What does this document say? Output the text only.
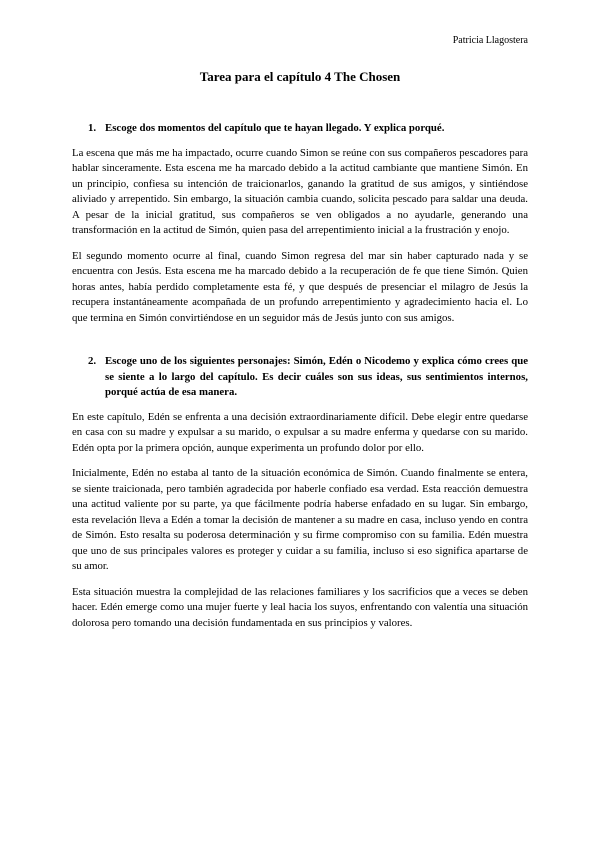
Patricia Llagostera
Tarea para el capítulo 4 The Chosen
1. Escoge dos momentos del capítulo que te hayan llegado. Y explica porqué.

La escena que más me ha impactado, ocurre cuando Simon se reúne con sus compañeros pescadores para hablar sinceramente. Esta escena me ha marcado debido a la actitud cambiante que mantiene Simón. En un principio, confiesa su intención de traicionarlos, ganando la gratitud de sus amigos, y sintiéndose aliviado y arrepentido. Sin embargo, la situación cambia cuando, solicita pescado para saldar una deuda. A pesar de la inicial gratitud, sus compañeros se ven obligados a no ayudarle, generando una transformación en la actitud de Simón, quien pasa del arrepentimiento inicial a la frustración y enojo.

El segundo momento ocurre al final, cuando Simon regresa del mar sin haber capturado nada y se encuentra con Jesús. Esta escena me ha marcado debido a la recuperación de fe que tiene Simón. Quien horas antes, había perdido completamente esta fé, y que después de presenciar el milagro de Jesús la recupera instantáneamente acompañada de un profundo arrepentimiento y agradecimiento hacia el. Lo que termina en Simón convirtiéndose en un seguidor más de Jesús junto con sus amigos.

2. Escoge uno de los siguientes personajes: Simón, Edén o Nicodemo y explica cómo crees que se siente a lo largo del capítulo. Es decir cuáles son sus ideas, sus sentimientos internos, porqué actúa de esa manera.

En este capítulo, Edén se enfrenta a una decisión extraordinariamente difícil. Debe elegir entre quedarse en casa con su madre y expulsar a su marido, o expulsar a su madre enferma y quedarse con su marido. Edén opta por la primera opción, aunque experimenta un profundo dolor por ello.

Inicialmente, Edén no estaba al tanto de la situación económica de Simón. Cuando finalmente se entera, se siente traicionada, pero también agradecida por haberle confiado esa verdad. Esta reacción demuestra una actitud valiente por su parte, ya que fácilmente podría haberse enfadado en su lugar. Sin embargo, esta revelación lleva a Edén a tomar la decisión de mantener a su madre en casa, incluso yendo en contra de Simón. Esto resalta su poderosa determinación y su firme compromiso con su familia. Edén muestra que uno de sus principales valores es proteger y cuidar a su familia, incluso si eso significa apartarse de su amor.

Esta situación muestra la complejidad de las relaciones familiares y los sacrificios que a veces se deben hacer. Edén emerge como una mujer fuerte y leal hacia los suyos, enfrentando con valentía una situación dolorosa pero tomando una decisión fundamentada en sus principios y valores.
